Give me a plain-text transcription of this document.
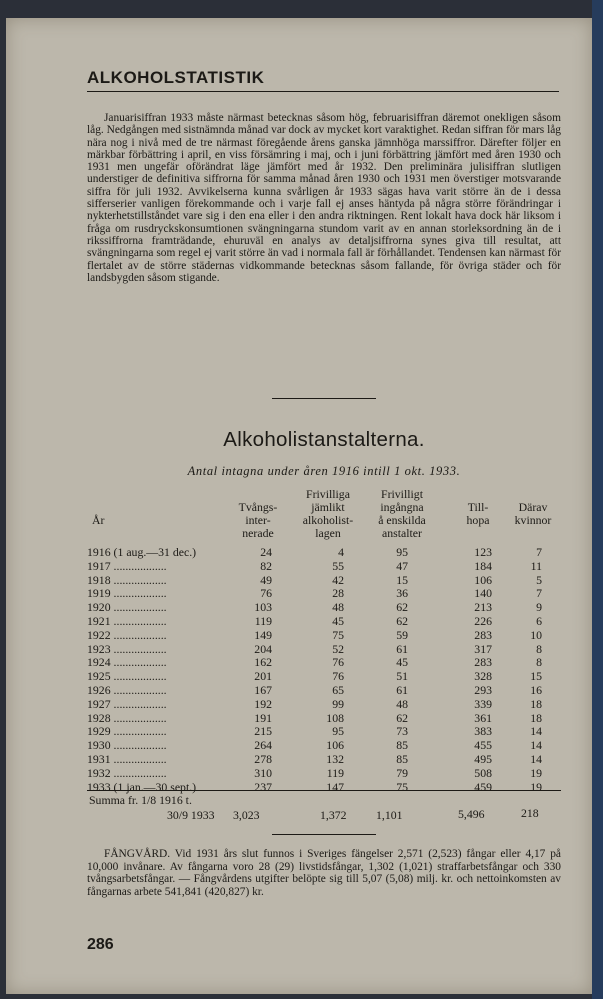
ALKOHOLSTATISTIK

Januarisiffran 1933 måste närmast betecknas såsom hög, februarisiffran däremot onekligen såsom låg. Nedgången med sistnämnda månad var dock av mycket kort varaktighet. Redan siffran för mars låg nära nog i nivå med de tre närmast föregående årens ganska jämnhöga marssiffror. Därefter följer en märkbar förbättring i april, en viss försämring i maj, och i juni förbättring jämfört med åren 1930 och 1931 men ungefär oförändrat läge jämfört med år 1932. Den preliminära julisiffran slutligen understiger de definitiva siffrorna för samma månad åren 1930 och 1931 men överstiger motsvarande siffra för juli 1932. Avvikelserna kunna svårligen år 1933 sägas hava varit större än de i dessa sifferserier vanligen förekommande och i varje fall ej anses häntyda på några större förändringar i nykterhetstillståndet vare sig i den ena eller i den andra riktningen. Rent lokalt hava dock här liksom i fråga om rusdryckskonsumtionen svängningarna stundom varit av en annan storleksordning än de i rikssiffrorna framträdande, ehuruväl en analys av detaljsiffrorna synes giva till resultat, att svängningarna som regel ej varit större än vad i normala fall är förhållandet. Tendensen kan närmast för flertalet av de större städernas vidkommande betecknas såsom fallande, för övriga städer och för landsbygden såsom stigande.

Alkoholistanstalterna.
Antal intagna under åren 1916 intill 1 okt. 1933.
År
Tvångs-
inter-
nerade
Frivilliga
jämlikt
alkoholist-
lagen
Frivilligt
ingångna
å enskilda
anstalter
Till-
hopa
Därav
kvinnor
1916 (1 aug.—31 dec.)	24	4	95	123	7
1917 ..................	82	55	47	184	11
1918 ..................	49	42	15	106	5
1919 ..................	76	28	36	140	7
1920 ..................	103	48	62	213	9
1921 ..................	119	45	62	226	6
1922 ..................	149	75	59	283	10
1923 ..................	204	52	61	317	8
1924 ..................	162	76	45	283	8
1925 ..................	201	76	51	328	15
1926 ..................	167	65	61	293	16
1927 ..................	192	99	48	339	18
1928 ..................	191	108	62	361	18
1929 ..................	215	95	73	383	14
1930 ..................	264	106	85	455	14
1931 ..................	278	132	85	495	14
1932 ..................	310	119	79	508	19
1933 (1 jan.—30 sept.)	237	147	75	459	19
Summa fr. 1/8 1916 t.
30/9 1933 3,023	1,372 1,101	5,496	218

FÅNGVÅRD. Vid 1931 års slut funnos i Sveriges fängelser 2,571 (2,523) fångar eller 4,17 på 10,000 invånare. Av fångarna voro 28 (29) livstidsfångar, 1,302 (1,021) straffarbetsfångar och 330 tvångsarbetsfångar. — Fångvårdens utgifter belöpte sig till 5,07 (5,08) milj. kr. och nettoinkomsten av fångarnas arbete 541,841 (420,827) kr.

286
